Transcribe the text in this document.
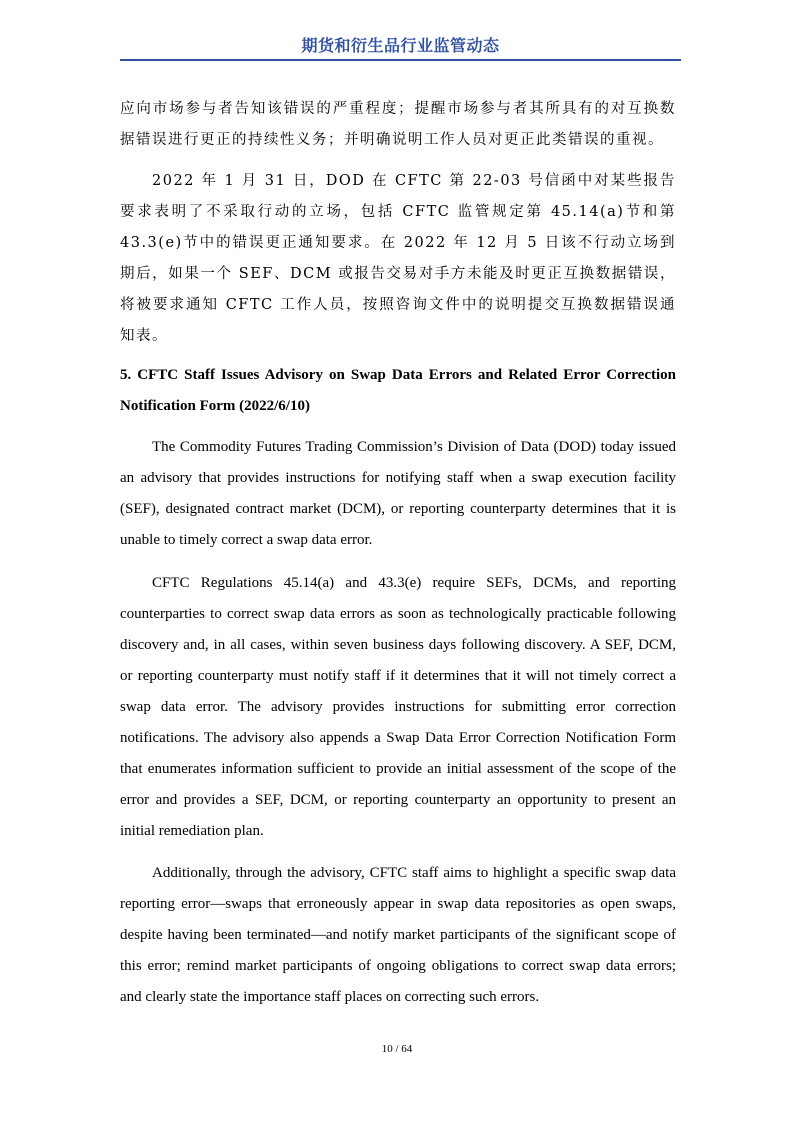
期货和衍生品行业监管动态

应向市场参与者告知该错误的严重程度；提醒市场参与者其所具有的对互换数据错误进行更正的持续性义务；并明确说明工作人员对更正此类错误的重视。

2022 年 1 月 31 日，DOD 在 CFTC 第 22-03 号信函中对某些报告要求表明了不采取行动的立场，包括 CFTC 监管规定第 45.14(a)节和第 43.3(e)节中的错误更正通知要求。在 2022 年 12 月 5 日该不行动立场到期后，如果一个 SEF、DCM 或报告交易对手方未能及时更正互换数据错误，将被要求通知 CFTC 工作人员，按照咨询文件中的说明提交互换数据错误通知表。

5. CFTC Staff Issues Advisory on Swap Data Errors and Related Error Correction Notification Form (2022/6/10)

The Commodity Futures Trading Commission’s Division of Data (DOD) today issued an advisory that provides instructions for notifying staff when a swap execution facility (SEF), designated contract market (DCM), or reporting counterparty determines that it is unable to timely correct a swap data error.

CFTC Regulations 45.14(a) and 43.3(e) require SEFs, DCMs, and reporting counterparties to correct swap data errors as soon as technologically practicable following discovery and, in all cases, within seven business days following discovery. A SEF, DCM, or reporting counterparty must notify staff if it determines that it will not timely correct a swap data error. The advisory provides instructions for submitting error correction notifications. The advisory also appends a Swap Data Error Correction Notification Form that enumerates information sufficient to provide an initial assessment of the scope of the error and provides a SEF, DCM, or reporting counterparty an opportunity to present an initial remediation plan.

Additionally, through the advisory, CFTC staff aims to highlight a specific swap data reporting error—swaps that erroneously appear in swap data repositories as open swaps, despite having been terminated—and notify market participants of the significant scope of this error; remind market participants of ongoing obligations to correct swap data errors; and clearly state the importance staff places on correcting such errors.

10 / 64
